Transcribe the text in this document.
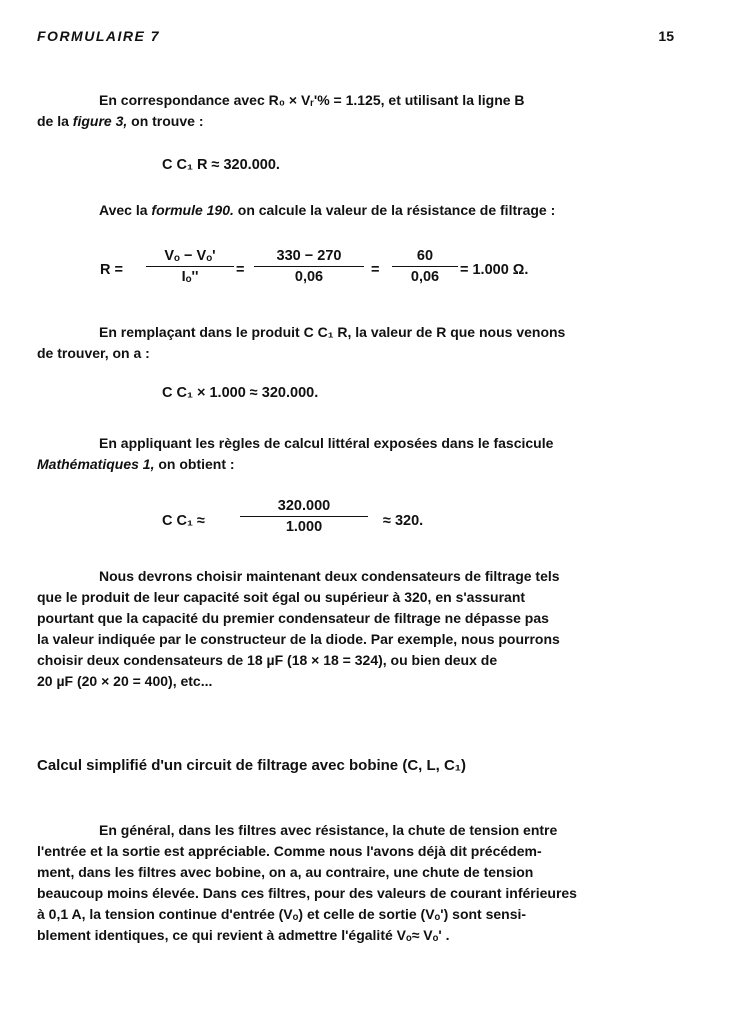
FORMULAIRE 7	15
En correspondance avec R₀ × Vᵣ'% = 1.125, et utilisant la ligne B
de la figure 3, on trouve :
C C₁ R ≈ 320.000.
Avec la formule 190. on calcule la valeur de la résistance de filtrage :
$R = \frac{\text{Vₒ − Vₒ'}}{\text{Iₒ''}} = \frac{330 - 270}{0,06} = \frac{60}{0,06} = 1.000$ Ω.
En remplaçant dans le produit C C₁ R, la valeur de R que nous venons
de trouver, on a :
C C₁ × 1.000 ≈ 320.000.
En appliquant les règles de calcul littéral exposées dans le fascicule
Mathématiques 1, on obtient :
C $C_1 \approx \frac{320.000}{1.000} \approx 320$.
Nous devrons choisir maintenant deux condensateurs de filtrage tels
que le produit de leur capacité soit égal ou supérieur à 320, en s'assurant
pourtant que la capacité du premier condensateur de filtrage ne dépasse pas
la valeur indiquée par le constructeur de la diode. Par exemple, nous pourrons
choisir deux condensateurs de 18 µF (18 × 18 = 324), ou bien deux de
20 µF (20 × 20 = 400), etc...
Calcul simplifié d'un circuit de filtrage avec bobine (C, L, C₁)
En général, dans les filtres avec résistance, la chute de tension entre
l'entrée et la sortie est appréciable. Comme nous l'avons déjà dit précédem-
ment, dans les filtres avec bobine, on a, au contraire, une chute de tension
beaucoup moins élevée. Dans ces filtres, pour des valeurs de courant inférieures
à 0,1 A, la tension continue d'entrée (Vₒ) et celle de sortie (Vₒ') sont sensi-
blement identiques, ce qui revient à admettre l'égalité Vₒ≈ Vₒ' .
